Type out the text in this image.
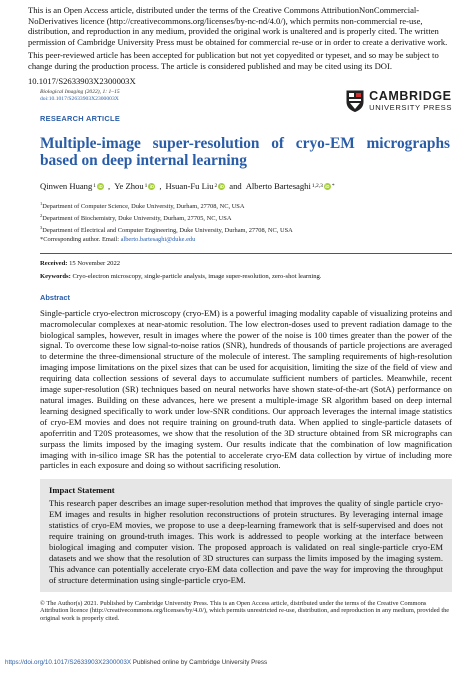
This is an Open Access article, distributed under the terms of the Creative Commons AttributionNonCommercial-NoDerivatives licence (http://creativecommons.org/licenses/by-nc-nd/4.0/), which permits non-commercial re-use, distribution, and reproduction in any medium, provided the original work is unaltered and is properly cited. The written permission of Cambridge University Press must be obtained for commercial re-use or in order to create a derivative work.

This peer-reviewed article has been accepted for publication but not yet copyedited or typeset, and so may be subject to change during the production process. The article is considered published and may be cited using its DOI.

10.1017/S2633903X2300003X
Biological Imaging (2022), 1: 1–15
doi:10.1017/S2633903X2300003X	CAMBRIDGE
UNIVERSITY PRESS
RESEARCH ARTICLE
Multiple-image super-resolution of cryo-EM micrographs based on deep internal learning
Qinwen Huang 1 iD , Ye Zhou 1 iD , Hsuan-Fu Liu 2 iD and Alberto Bartesaghi 1,2,3 iD *
$^1$Department of Computer Science, Duke University, Durham, 27708, NC, USA
$^2$Department of Biochemistry, Duke University, Durham, 27705, NC, USA
$^3$Department of Electrical and Computer Engineering, Duke University, Durham, 27708, NC, USA
*Corresponding author. Email: alberto.bartesaghi@duke.edu
Received: 15 November 2022
Keywords: Cryo-electron microscopy, single-particle analysis, image super-resolution, zero-shot learning.
Abstract

Single-particle cryo-electron microscopy (cryo-EM) is a powerful imaging modality capable of visualizing proteins and macromolecular complexes at near-atomic resolution. The low electron-doses used to prevent radiation damage to the biological samples, however, result in images where the power of the noise is 100 times greater than the power of the signal. To overcome these low signal-to-noise ratios (SNR), hundreds of thousands of particle projections are averaged to determine the three-dimensional structure of the molecule of interest. The sampling requirements of high-resolution imaging impose limitations on the pixel sizes that can be used for acquisition, limiting the size of the field of view and requiring data collection sessions of several days to accumulate sufficient numbers of particles. Meanwhile, recent image super-resolution (SR) techniques based on neural networks have shown state-of-the-art (SotA) performance on natural images. Building on these advances, here we present a multiple-image SR algorithm based on deep internal learning designed specifically to work under low-SNR conditions. Our approach leverages the internal image statistics of cryo-EM movies and does not require training on ground-truth data. When applied to single-particle datasets of apoferritin and T20S proteasomes, we show that the resolution of the 3D structure obtained from SR micrographs can surpass the limits imposed by the imaging system. Our results indicate that the combination of low magnification imaging with in-silico image SR has the potential to accelerate cryo-EM data collection by virtue of including more particles in each exposure and doing so without sacrificing resolution.

Impact Statement

This research paper describes an image super-resolution method that improves the quality of single particle cryo-EM images and results in higher resolution reconstructions of protein structures. By leveraging internal image statistics of cryo-EM movies, we propose to use a deep-learning framework that is self-supervised and does not require training on ground-truth images. This work is addressed to people working at the interface between biological imaging and computer vision. The proposed approach is validated on real single-particle cryo-EM datasets and we show that the resolution of 3D structures can surpass the limits imposed by the imaging system. This advance can potentially accelerate cryo-EM data collection and pave the way for improving the throughput of structure determination using single-particle cryo-EM.

© The Author(s) 2021. Published by Cambridge University Press. This is an Open Access article, distributed under the terms of the Creative Commons Attribution licence (http://creativecommons.org/licenses/by/4.0/), which permits unrestricted re-use, distribution, and reproduction in any medium, provided the original work is properly cited.

https://doi.org/10.1017/S2633903X2300003X Published online by Cambridge University Press
